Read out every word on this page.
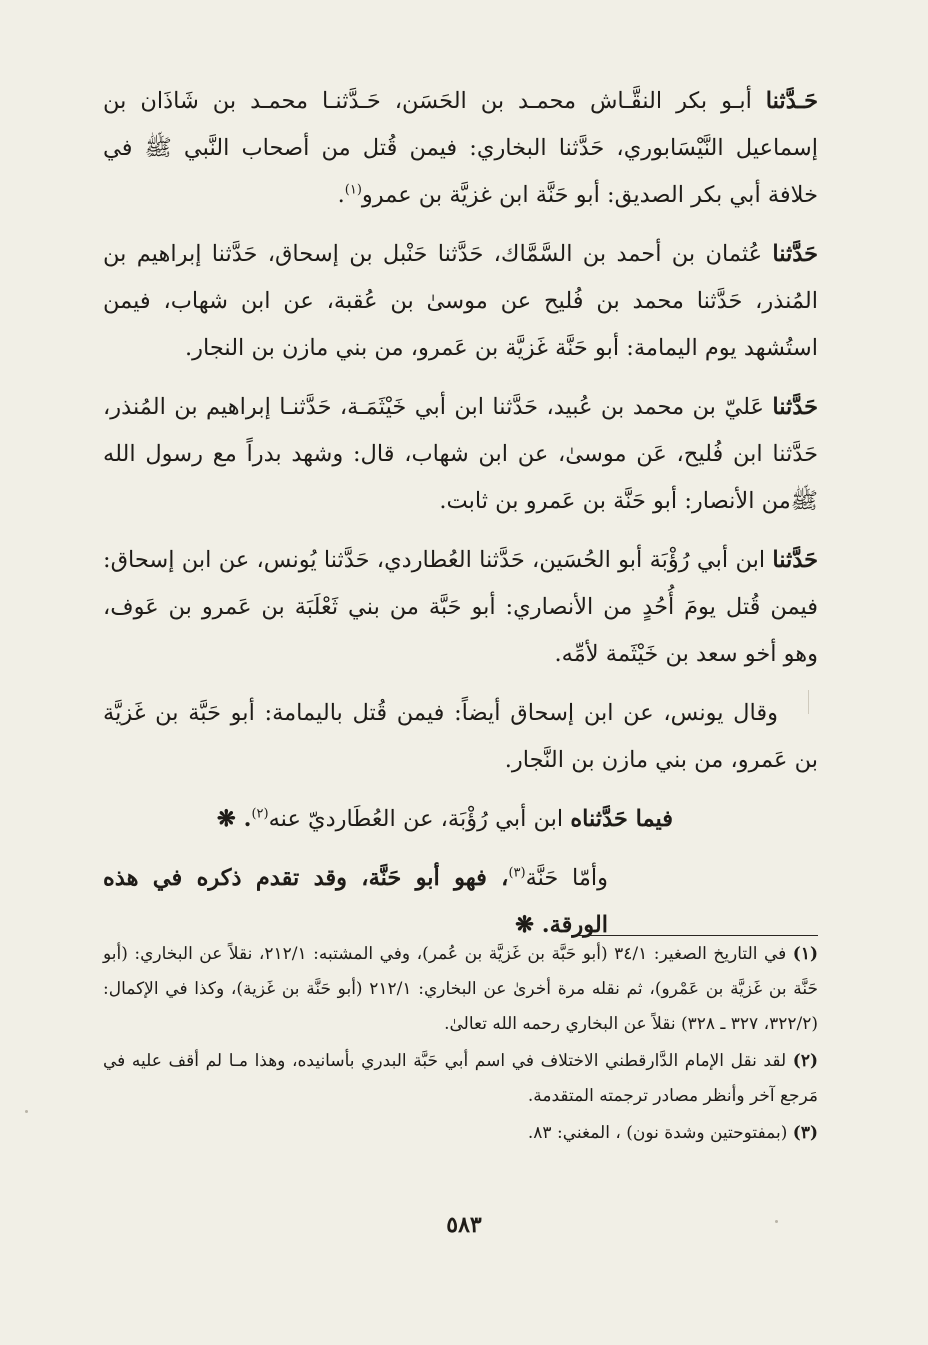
حَـدَّثنا أبـو بكر النقَّـاش محمـد بن الحَسَن، حَـدَّثنـا محمـد بن شَاذَان بن إسماعيل النَّيْسَابوري، حَدَّثنا البخاري: فيمن قُتل من أصحاب النَّبي ﷺ في خلافة أبي بكر الصديق: أبو حَنَّة ابن غزيَّة بن عمرو$^{(١)}$.

حَدَّثنا عُثمان بن أحمد بن السَّمَّاك، حَدَّثنا حَنْبل بن إسحاق، حَدَّثنا إبراهيم بن المُنذر، حَدَّثنا محمد بن فُليح عن موسىٰ بن عُقبة، عن ابن شهاب، فيمن استُشهد يوم اليمامة: أبو حَنَّة غَزيَّة بن عَمرو، من بني مازن بن النجار.

حَدَّثنا عَليّ بن محمد بن عُبيد، حَدَّثنا ابن أبي خَيْثَمَـة، حَدَّثنـا إبراهيم بن المُنذر، حَدَّثنا ابن فُليح، عَن موسىٰ، عن ابن شهاب، قال: وشهد بدراً مع رسول الله ﷺمن الأنصار: أبو حَنَّة بن عَمرو بن ثابت.

حَدَّثنا ابن أبي رُؤْبَة أبو الحُسَين، حَدَّثنا العُطاردي، حَدَّثنا يُونس، عن ابن إسحاق: فيمن قُتل يومَ أُحُدٍ من الأنصاري: أبو حَبَّة من بني ثَعْلَبَة بن عَمرو بن عَوف، وهو أخو سعد بن خَيْثَمة لأمِّه.

وقال يونس، عن ابن إسحاق أيضاً: فيمن قُتل باليمامة: أبو حَبَّة بن غَزيَّة بن عَمرو، من بني مازن بن النَّجار.

فيما حَدَّثناه ابن أبي رُؤْبَة، عن العُطَارديّ عنه$^{(٢)}$. ❋

وأمّا حَنَّة$^{(٣)}$، فهو أبو حَنَّة، وقد تقدم ذكره في هذه الورقة. ❋

(١) في التاريخ الصغير: ٣٤/١ (أبو حَبَّة بن غَزيَّة بن عُمر)، وفي المشتبه: ٢١٢/١، نقلاً عن البخاري: (أبو حَنَّة بن غَزيَّة بن عَمْرو)، ثم نقله مرة أخرىٰ عن البخاري: ٢١٢/١ (أبو حَنَّة بن غَزية)، وكذا في الإكمال: (٣٢٢/٢، ٣٢٧ ـ ٣٢٨) نقلاً عن البخاري رحمه الله تعالىٰ.

(٢) لقد نقل الإمام الدَّارقطني الاختلاف في اسم أبي حَبَّة البدري بأسانيده، وهذا مـا لم أقف عليه في مَرجع آخر وأنظر مصادر ترجمته المتقدمة.

(٣) (بمفتوحتين وشدة نون) ، المغني: ٨٣.

٥٨٣
